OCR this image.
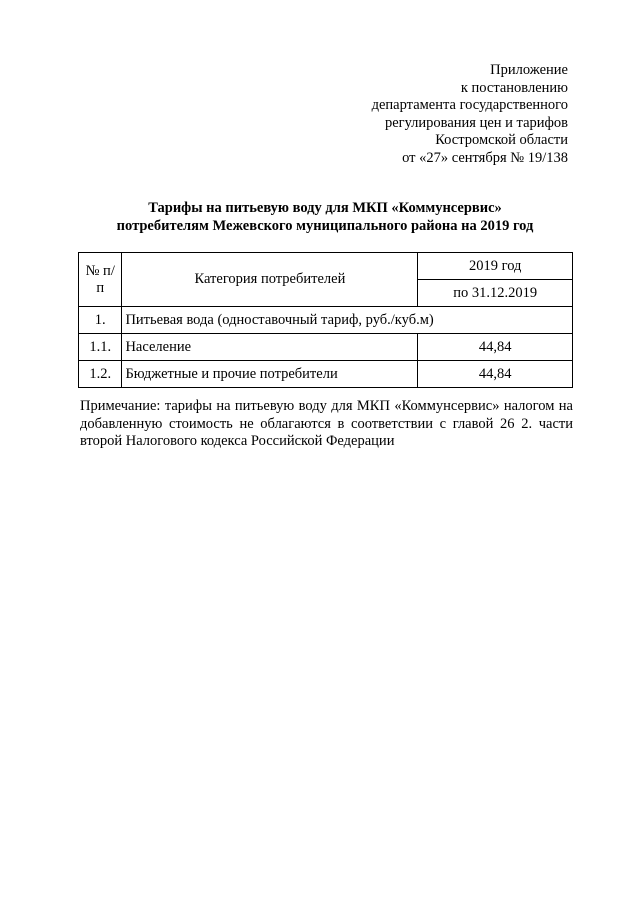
Приложение
к постановлению
департамента государственного
регулирования цен и тарифов
Костромской области
от «27» сентября № 19/138
Тарифы на питьевую воду для МКП «Коммунсервис»
потребителям Межевского муниципального района на 2019 год
№ п/п	Категория потребителей	2019 год
		по 31.12.2019
1.	Питьевая вода (одноставочный тариф, руб./куб.м)	
1.1.	Население	44,84
1.2.	Бюджетные и прочие потребители	44,84
Примечание: тарифы на питьевую воду для МКП «Коммунсервис» налогом на добавленную стоимость не облагаются в соответствии с главой 26 2. части второй Налогового кодекса Российской Федерации
